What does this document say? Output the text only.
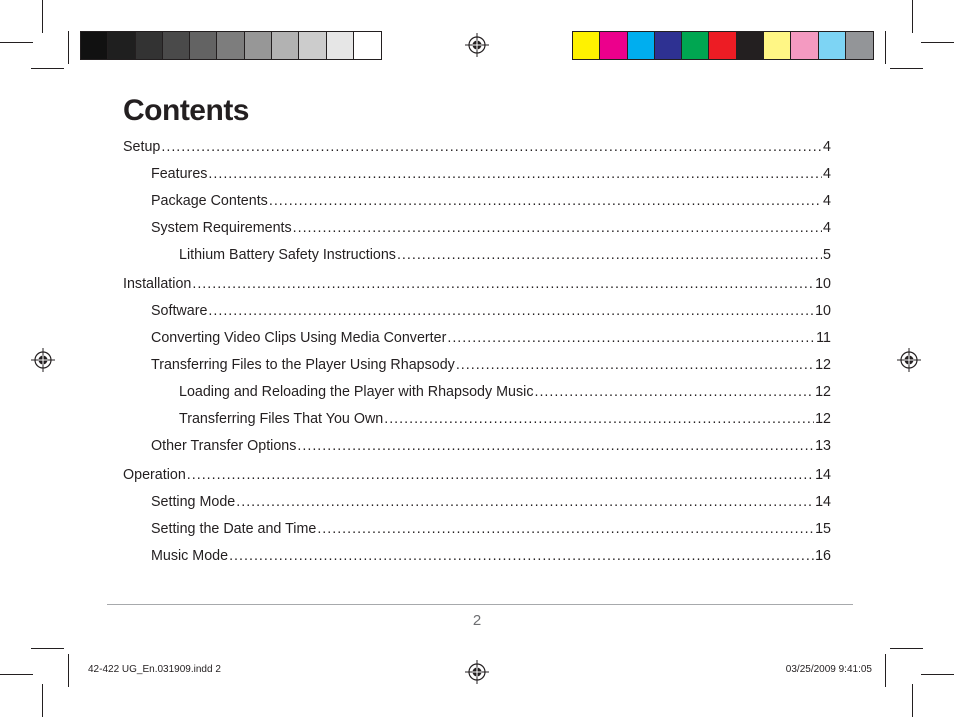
Contents
Setup .....	4
Features .....	4
Package Contents .....	4
System Requirements .....	4
Lithium Battery Safety Instructions .....	5
Installation .....	10
Software .....	10
Converting Video Clips Using Media Converter .....	11
Transferring Files to the Player Using Rhapsody .....	12
Loading and Reloading the Player with Rhapsody Music .....	12
Transferring Files That You Own .....	12
Other Transfer Options .....	13
Operation .....	14
Setting Mode .....	14
Setting the Date and Time .....	15
Music Mode .....	16
2
42-422 UG_En.031909.indd 2	03/25/2009 9:41:05
